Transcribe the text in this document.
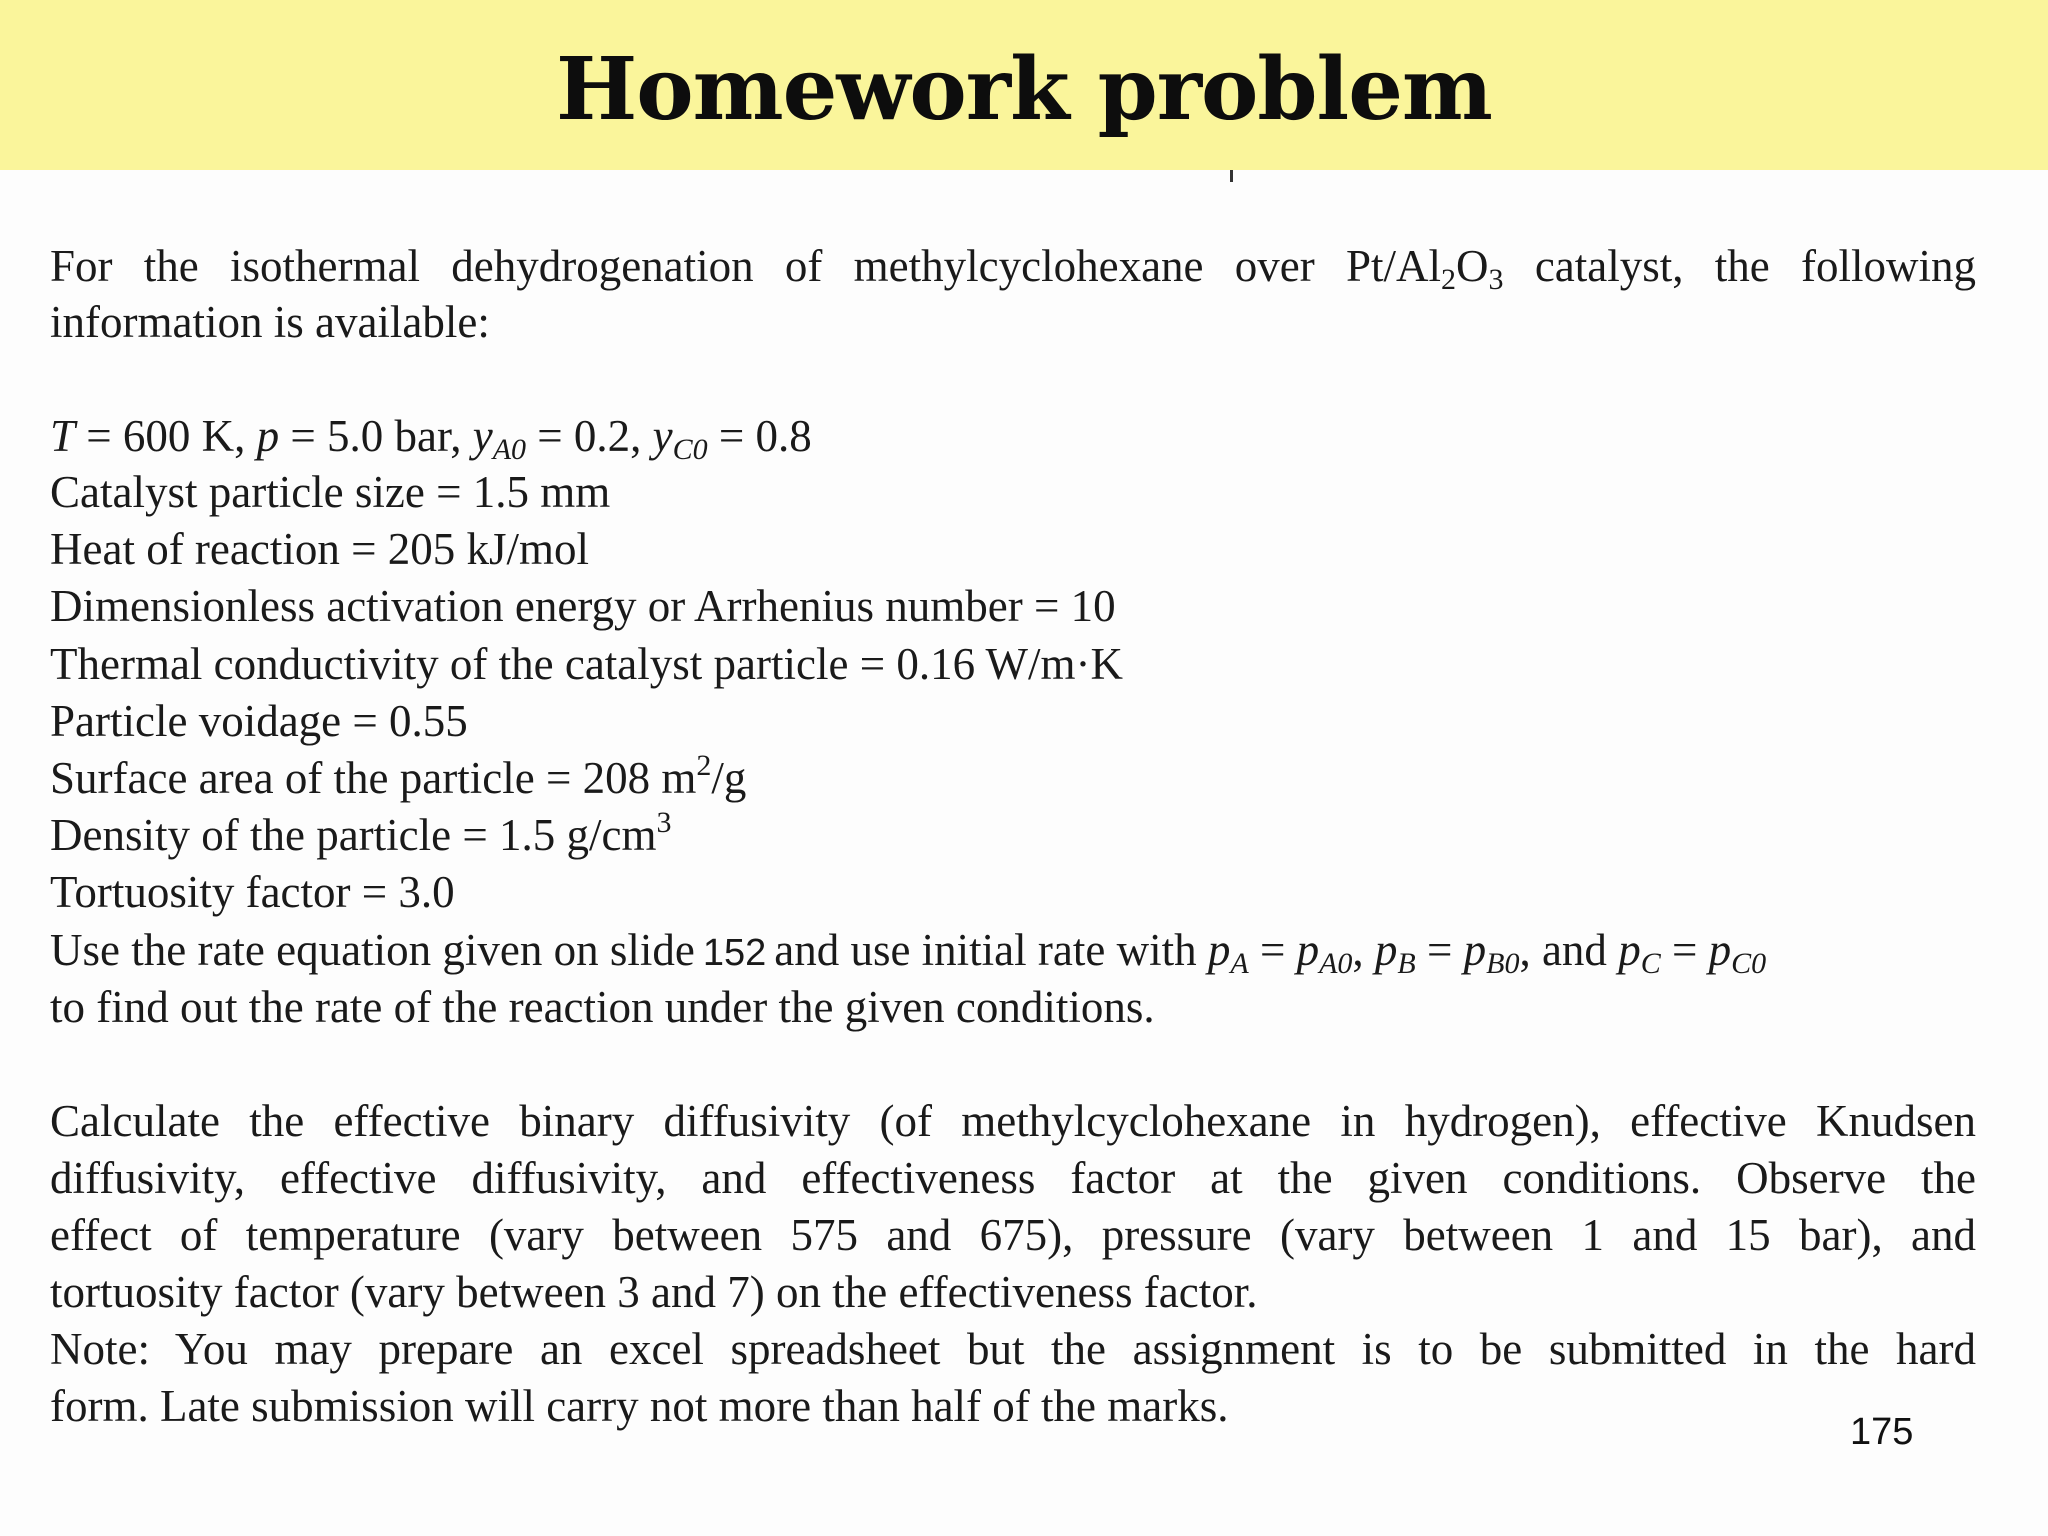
Homework problem
For the isothermal dehydrogenation of methylcyclohexane over $Pt/Al_2O_3$ catalyst, the following
information is available:
T = 600 K, p = 5.0 bar, $y_{A0} = 0.2$, $y_{C0} = 0.8$
Catalyst particle size = 1.5 mm
Heat of reaction = 205 kJ/mol
Dimensionless activation energy or Arrhenius number = 10
Thermal conductivity of the catalyst particle = 0.16 W/m·K
Particle voidage = 0.55
Surface area of the particle = 208 $m^2/g$
Density of the particle = 1.5 $g/cm^3$
Tortuosity factor = 3.0
Use the rate equation given on slide 152 and use initial rate with $p_A = p_{A0}$, $p_B = p_{B0}$, and $p_C = p_{C0}$
to find out the rate of the reaction under the given conditions.
Calculate the effective binary diffusivity (of methylcyclohexane in hydrogen), effective Knudsen
diffusivity, effective diffusivity, and effectiveness factor at the given conditions. Observe the
effect of temperature (vary between 575 and 675), pressure (vary between 1 and 15 bar), and
tortuosity factor (vary between 3 and 7) on the effectiveness factor.
Note: You may prepare an excel spreadsheet but the assignment is to be submitted in the hard
form. Late submission will carry not more than half of the marks.
175
